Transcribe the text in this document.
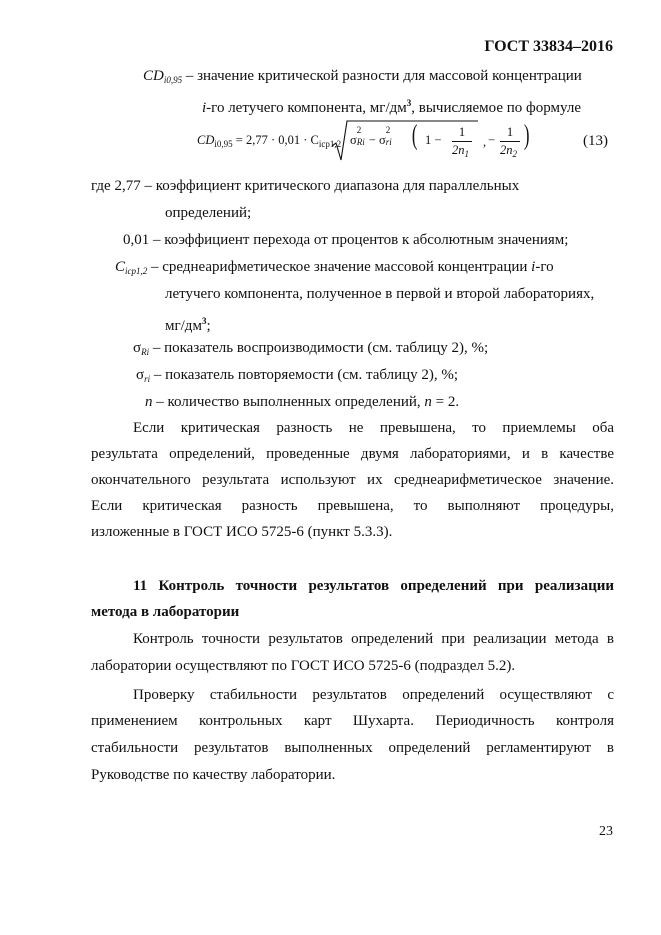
ГОСТ 33834–2016
$CD_{i0,95}$ – значение критической разности для массовой концентрации
i-го летучего компонента, $мг/дм^3$, вычисляемое по формуле
$CD_{i0,95} = 2,77 \cdot 0,01 \cdot C_{icp1,2}$ σ
2
Ri − σ
2
ri ( 1 −
1
$2n_1$
−
1
$2n_2$
)
,	(13)
где 2,77 – коэффициент критического диапазона для параллельных
определений;
0,01 – коэффициент перехода от процентов к абсолютным значениям;
$C_{icp1,2}$ – среднеарифметическое значение массовой концентрации i-го
летучего компонента, полученное в первой и второй лабораториях,
$мг/дм^3$;
$\sigma_{Ri}$ – показатель воспроизводимости (см. таблицу 2), %;
$\sigma_{ri}$ – показатель повторяемости (см. таблицу 2), %;
n – количество выполненных определений, n = 2.
Если критическая разность не превышена, то приемлемы оба
результата определений, проведенные двумя лабораториями, и в качестве
окончательного результата используют их среднеарифметическое значение.
Если критическая разность превышена, то выполняют процедуры,
изложенные в ГОСТ ИСО 5725-6 (пункт 5.3.3).
11 Контроль точности результатов определений при реализации
метода в лаборатории
Контроль точности результатов определений при реализации метода в
лаборатории осуществляют по ГОСТ ИСО 5725-6 (подраздел 5.2).
Проверку стабильности результатов определений осуществляют с
применением контрольных карт Шухарта. Периодичность контроля
стабильности результатов выполненных определений регламентируют в
Руководстве по качеству лаборатории.
23
